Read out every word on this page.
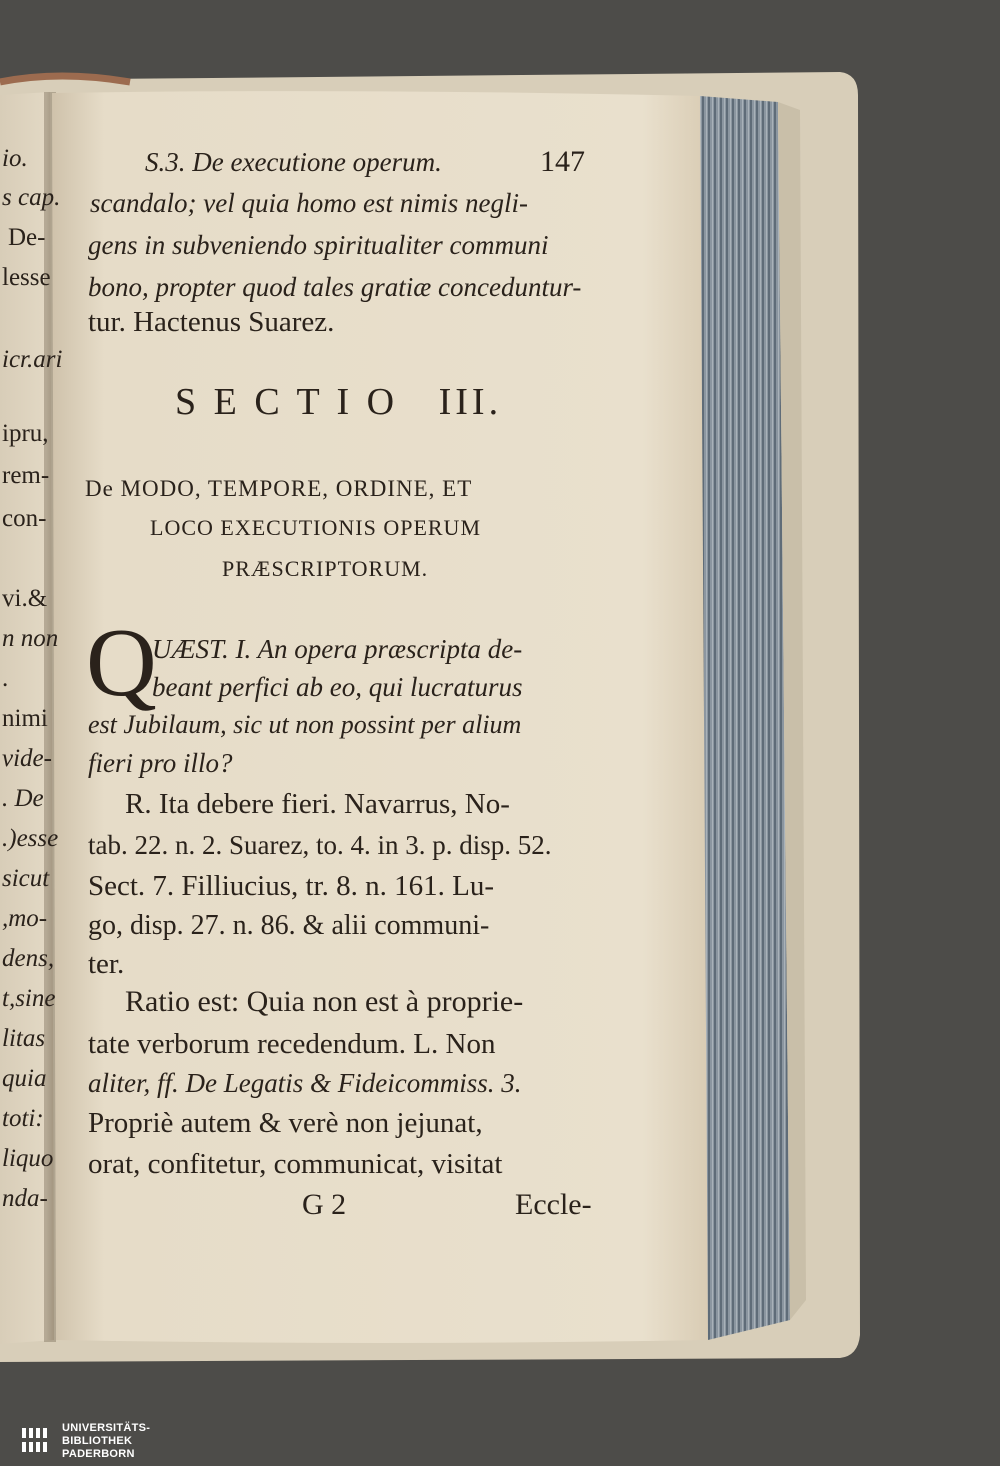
S.3. De executione operum.	147
scandalo; vel quia homo est nimis negli-
gens in subveniendo spiritualiter communi
bono, propter quod tales gratiæ conceduntur-
tur. Hactenus Suarez.
S E C T I O   III.
De MODO, TEMPORE, ORDINE, ET
LOCO EXECUTIONIS OPERUM
PRÆSCRIPTORUM.
Q
UÆST. I. An opera præscripta de-
beant perfici ab eo, qui lucraturus
est Jubilaum, sic ut non possint per alium
fieri pro illo?
R. Ita debere fieri. Navarrus, No-
tab. 22. n. 2. Suarez, to. 4. in 3. p. disp. 52.
Sect. 7. Filliucius, tr. 8. n. 161. Lu-
go, disp. 27. n. 86. & alii communi-
ter.
Ratio est: Quia non est à proprie-
tate verborum recedendum. L. Non
aliter, ff. De Legatis & Fideicommiss. 3.
Propriè autem & verè non jejunat,
orat, confitetur, communicat, visitat
G 2	Eccle-
io.
s cap.
De-
lesse
icr.ari
ipru,
rem-
con-
vi.&
n non
.
nimi
vide-
. De
.)esse
sicut
,mo-
dens,
t,sine
litas
quia
toti:
liquo
nda-
UNIVERSITÄTS-
BIBLIOTHEK
PADERBORN
